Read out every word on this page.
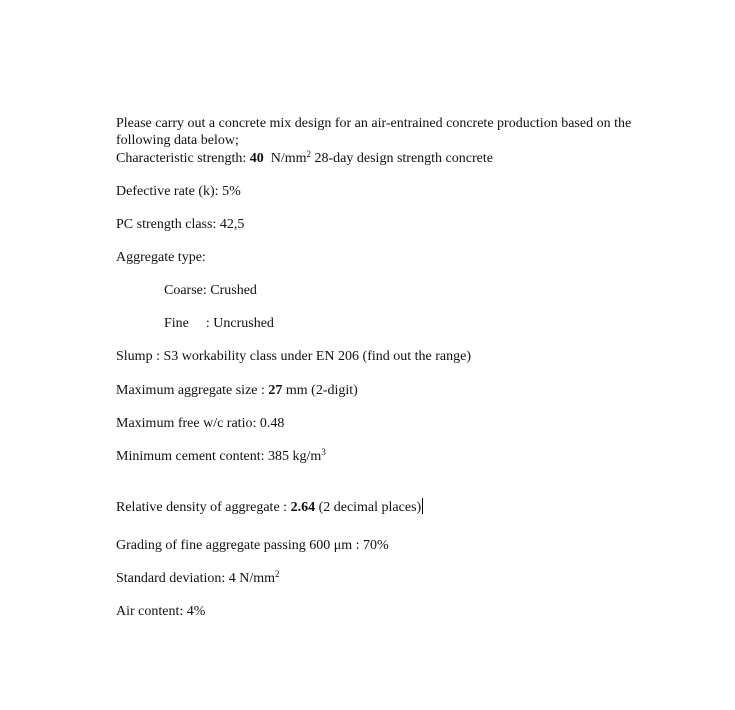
Please carry out a concrete mix design for an air-entrained concrete production based on the following data below;
Characteristic strength: 40 $N/mm^2$ 28-day design strength concrete
Defective rate (k): 5%
PC strength class: 42,5
Aggregate type:
Coarse: Crushed
Fine : Uncrushed
Slump : S3 workability class under EN 206 (find out the range)
Maximum aggregate size : 27 mm (2-digit)
Maximum free w/c ratio: 0.48
Minimum cement content: 385 $kg/m^3$
Relative density of aggregate : 2.64 (2 decimal places)
Grading of fine aggregate passing 600 μm : 70%
Standard deviation: 4 $N/mm^2$
Air content: 4%
